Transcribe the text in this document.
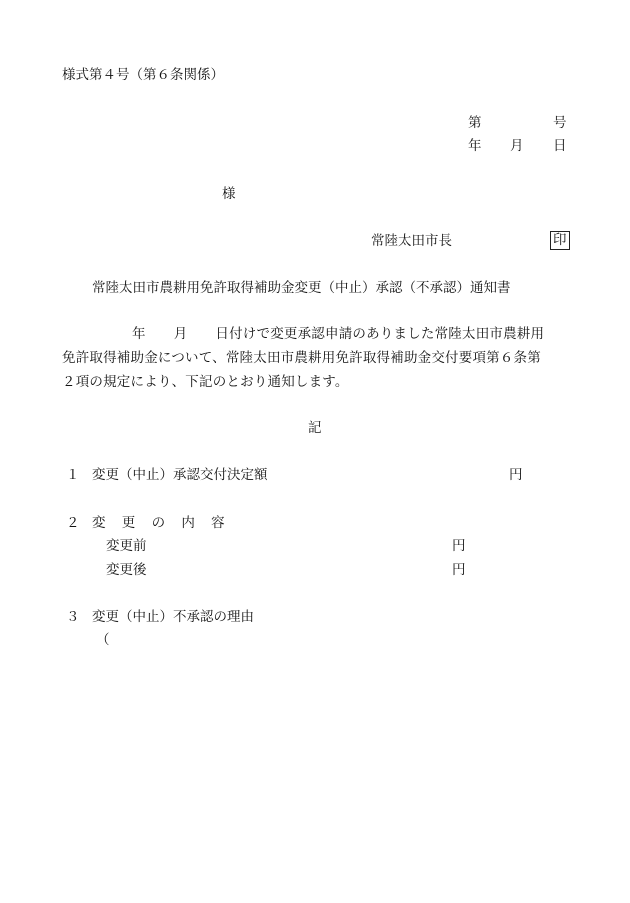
様式第４号（第６条関係）
第	号
年 月 日
様
常陸太田市長	印
常陸太田市農耕用免許取得補助金変更（中止）承認（不承認）通知書

年 月 日付けで変更承認申請のありました常陸太田市農耕用

免許取得補助金について、常陸太田市農耕用免許取得補助金交付要項第６条第

２項の規定により、下記のとおり通知します。

記
１ 変更（中止）承認交付決定額	円
２ 変 更 の 内 容
変更前	円
変更後	円
３ 変更（中止）不承認の理由
（
